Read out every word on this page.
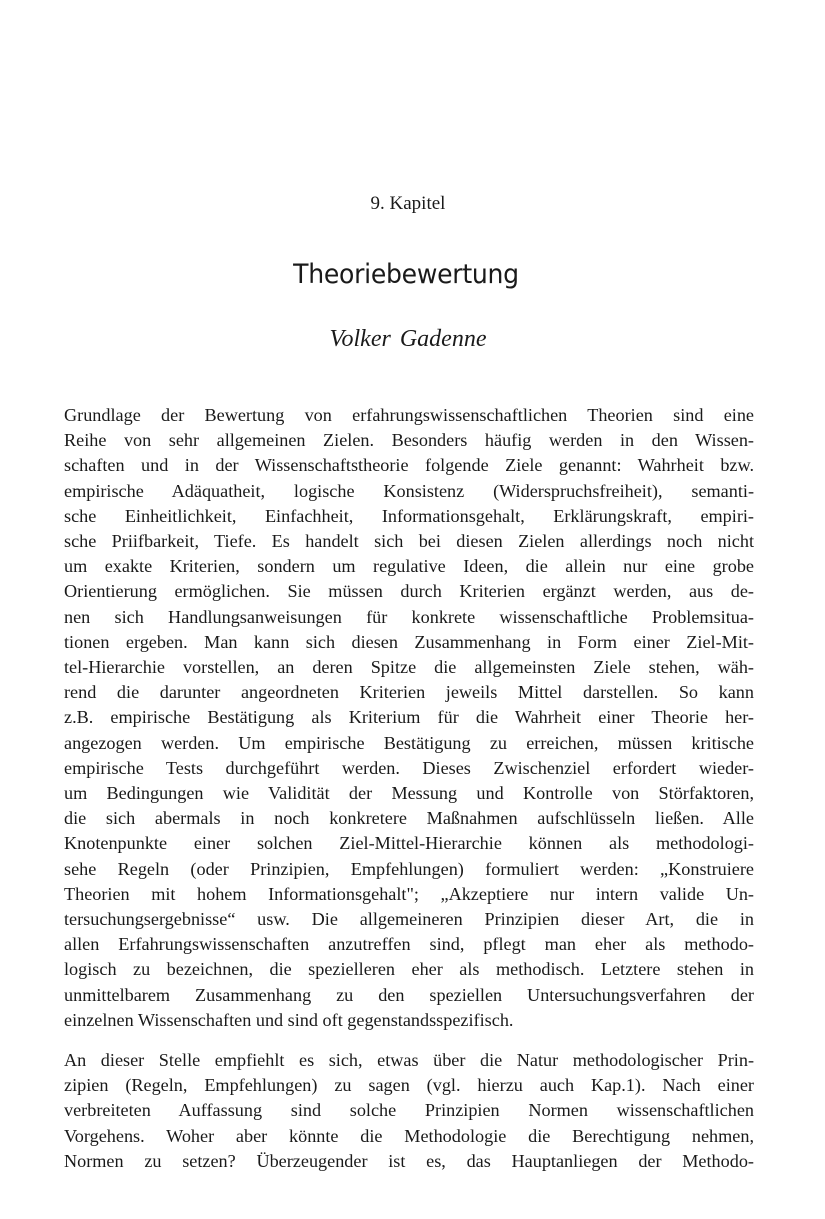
9. Kapitel
Theoriebewertung
Volker Gadenne

Grundlage der Bewertung von erfahrungswissenschaftlichen Theorien sind eine
Reihe von sehr allgemeinen Zielen. Besonders häufig werden in den Wissen-
schaften und in der Wissenschaftstheorie folgende Ziele genannt: Wahrheit bzw.
empirische Adäquatheit, logische Konsistenz (Widerspruchsfreiheit), semanti-
sche Einheitlichkeit, Einfachheit, Informationsgehalt, Erklärungskraft, empiri-
sche Priifbarkeit, Tiefe. Es handelt sich bei diesen Zielen allerdings noch nicht
um exakte Kriterien, sondern um regulative Ideen, die allein nur eine grobe
Orientierung ermöglichen. Sie müssen durch Kriterien ergänzt werden, aus de-
nen sich Handlungsanweisungen für konkrete wissenschaftliche Problemsitua-
tionen ergeben. Man kann sich diesen Zusammenhang in Form einer Ziel-Mit-
tel-Hierarchie vorstellen, an deren Spitze die allgemeinsten Ziele stehen, wäh-
rend die darunter angeordneten Kriterien jeweils Mittel darstellen. So kann
z.B. empirische Bestätigung als Kriterium für die Wahrheit einer Theorie her-
angezogen werden. Um empirische Bestätigung zu erreichen, müssen kritische
empirische Tests durchgeführt werden. Dieses Zwischenziel erfordert wieder-
um Bedingungen wie Validität der Messung und Kontrolle von Störfaktoren,
die sich abermals in noch konkretere Maßnahmen aufschlüsseln ließen. Alle
Knotenpunkte einer solchen Ziel-Mittel-Hierarchie können als methodologi-
sehe Regeln (oder Prinzipien, Empfehlungen) formuliert werden: „Konstruiere
Theorien mit hohem Informationsgehalt"; „Akzeptiere nur intern valide Un-
tersuchungsergebnisse“ usw. Die allgemeineren Prinzipien dieser Art, die in
allen Erfahrungswissenschaften anzutreffen sind, pflegt man eher als methodo-
logisch zu bezeichnen, die spezielleren eher als methodisch. Letztere stehen in
unmittelbarem Zusammenhang zu den speziellen Untersuchungsverfahren der
einzelnen Wissenschaften und sind oft gegenstandsspezifisch.

An dieser Stelle empfiehlt es sich, etwas über die Natur methodologischer Prin-
zipien (Regeln, Empfehlungen) zu sagen (vgl. hierzu auch Kap.1). Nach einer
verbreiteten Auffassung sind solche Prinzipien Normen wissenschaftlichen
Vorgehens. Woher aber könnte die Methodologie die Berechtigung nehmen,
Normen zu setzen? Überzeugender ist es, das Hauptanliegen der Methodo-
